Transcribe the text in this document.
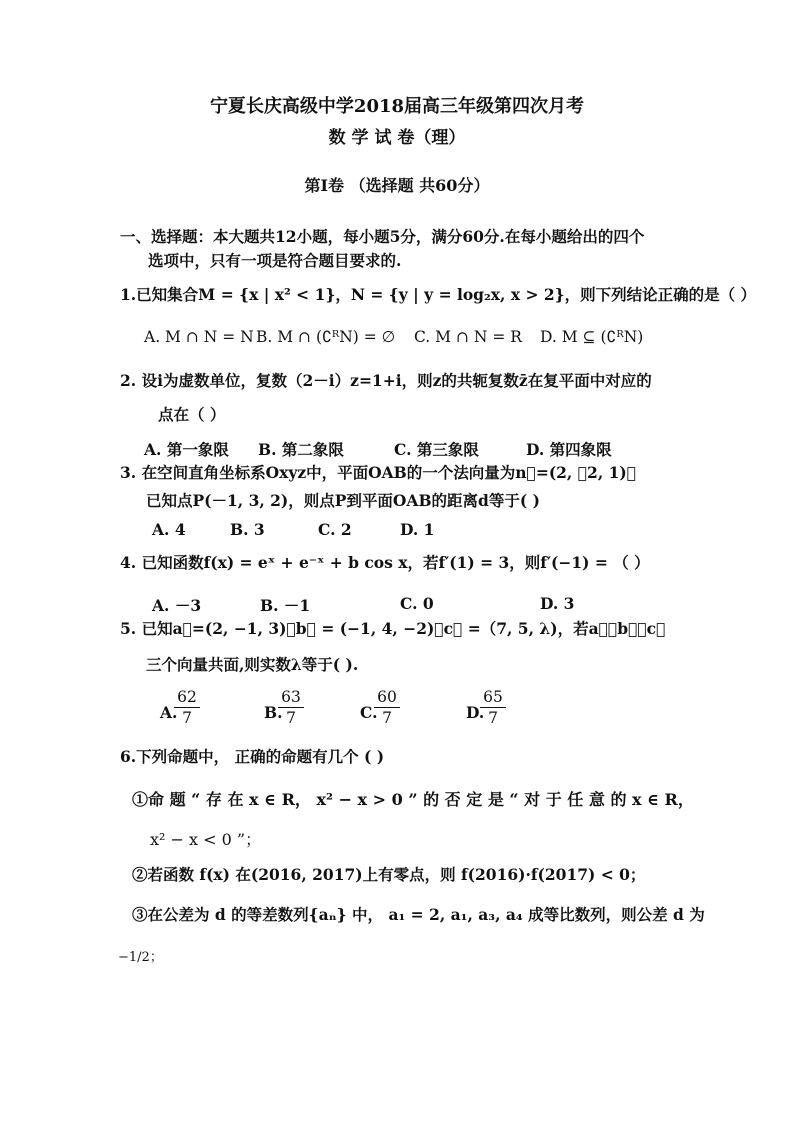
宁夏长庆高级中学2018届高三年级第四次月考
数 学 试 卷（理）
第Ⅰ卷 （选择题 共60分）
一、选择题：本大题共12小题，每小题5分，满分60分.在每小题给出的四个
选项中，只有一项是符合题目要求的.
1.已知集合M = {x | x² < 1}，N = {y | y = log₂x, x > 2}，则下列结论正确的是（ ）
A. M ∩ N = N B. M ∩ (∁ᴿN) = ∅ C. M ∩ N = R D. M ⊆ (∁ᴿN)
2. 设i为虚数单位，复数（2－i）z=1+i，则z的共轭复数z̄在复平面中对应的
点在（ ）
A. 第一象限 B. 第二象限	C. 第三象限	D. 第四象限
3. 在空间直角坐标系Oxyz中，平面OAB的一个法向量为n⃗=(2, －2, 1)，
已知点P(－1, 3, 2)，则点P到平面OAB的距离d等于( )
A. 4	B. 3	C. 2	D. 1
4. 已知函数f(x) = eˣ + e⁻ˣ + b cos x，若f′(1) = 3，则f′(−1) = （ ）
A. －3	B. －1	C. 0	D. 3
5. 已知a⃗=(2, −1, 3)，b⃗ = (−1, 4, −2)，c⃗ =（7, 5, λ)，若a⃗，b⃗，c⃗
三个向量共面,则实数λ等于( ).
A.
$\frac{62}{7}$	B.
$\frac{63}{7}$	C.
$\frac{60}{7}$	D.
$\frac{65}{7}$
6.下列命题中， 正确的命题有几个 ( )
①命 题 “ 存 在 x ∈ R， x² − x > 0 ” 的 否 定 是 “ 对 于 任 意 的 x ∈ R，
x² − x < 0 ”；
②若函数 f(x) 在(2016, 2017)上有零点，则 f(2016)·f(2017) < 0；
③在公差为 d 的等差数列{aₙ} 中， a₁ = 2, a₁, a₃, a₄ 成等比数列，则公差 d 为
−1/2；
